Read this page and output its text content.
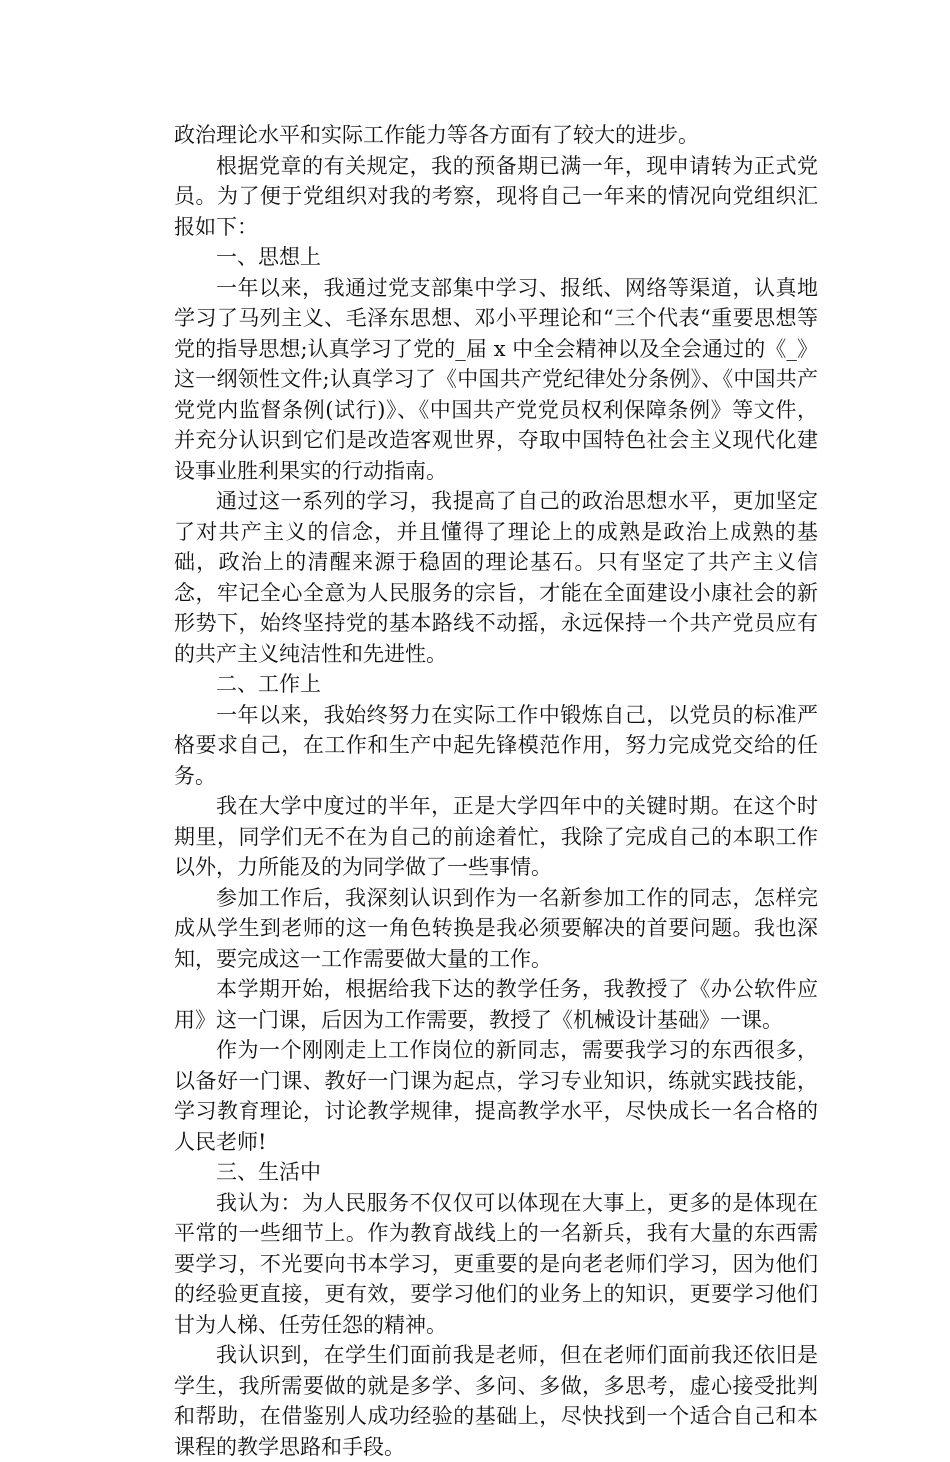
政治理论水平和实际工作能力等各方面有了较大的进步。

根据党章的有关规定，我的预备期已满一年，现申请转为正式党员。为了便于党组织对我的考察，现将自己一年来的情况向党组织汇报如下：

一、思想上

一年以来，我通过党支部集中学习、报纸、网络等渠道，认真地学习了马列主义、毛泽东思想、邓小平理论和“三个代表“重要思想等党的指导思想;认真学习了党的_届 x 中全会精神以及全会通过的《_》这一纲领性文件;认真学习了《中国共产党纪律处分条例》、《中国共产党党内监督条例(试行)》、《中国共产党党员权利保障条例》等文件，并充分认识到它们是改造客观世界，夺取中国特色社会主义现代化建设事业胜利果实的行动指南。

通过这一系列的学习，我提高了自己的政治思想水平，更加坚定了对共产主义的信念，并且懂得了理论上的成熟是政治上成熟的基础，政治上的清醒来源于稳固的理论基石。只有坚定了共产主义信念，牢记全心全意为人民服务的宗旨，才能在全面建设小康社会的新形势下，始终坚持党的基本路线不动摇，永远保持一个共产党员应有的共产主义纯洁性和先进性。

二、工作上

一年以来，我始终努力在实际工作中锻炼自己，以党员的标准严格要求自己，在工作和生产中起先锋模范作用，努力完成党交给的任务。

我在大学中度过的半年，正是大学四年中的关键时期。在这个时期里，同学们无不在为自己的前途着忙，我除了完成自己的本职工作以外，力所能及的为同学做了一些事情。

参加工作后，我深刻认识到作为一名新参加工作的同志，怎样完成从学生到老师的这一角色转换是我必须要解决的首要问题。我也深知，要完成这一工作需要做大量的工作。

本学期开始，根据给我下达的教学任务，我教授了《办公软件应用》这一门课，后因为工作需要，教授了《机械设计基础》一课。

作为一个刚刚走上工作岗位的新同志，需要我学习的东西很多，以备好一门课、教好一门课为起点，学习专业知识，练就实践技能，学习教育理论，讨论教学规律，提高教学水平，尽快成长一名合格的人民老师!

三、生活中

我认为：为人民服务不仅仅可以体现在大事上，更多的是体现在平常的一些细节上。作为教育战线上的一名新兵，我有大量的东西需要学习，不光要向书本学习，更重要的是向老老师们学习，因为他们的经验更直接，更有效，要学习他们的业务上的知识，更要学习他们甘为人梯、任劳任怨的精神。

我认识到，在学生们面前我是老师，但在老师们面前我还依旧是学生，我所需要做的就是多学、多问、多做，多思考，虚心接受批判和帮助，在借鉴别人成功经验的基础上，尽快找到一个适合自己和本课程的教学思路和手段。
